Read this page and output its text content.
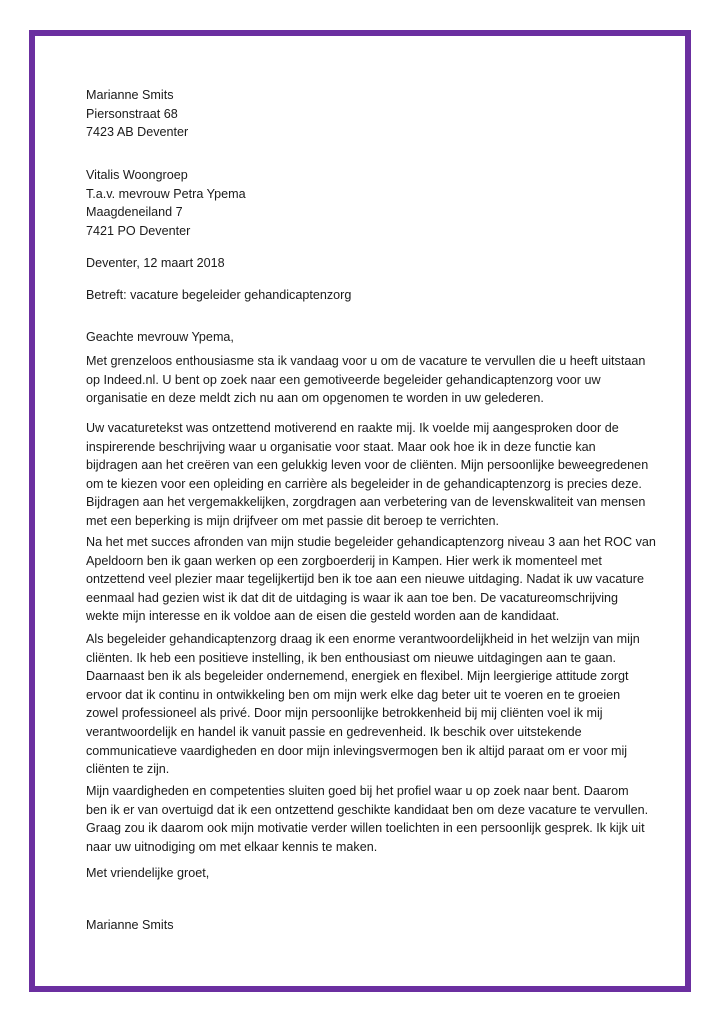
Marianne Smits
Piersonstraat 68
7423 AB Deventer
Vitalis Woongroep
T.a.v. mevrouw Petra Ypema
Maagdeneiland 7
7421 PO Deventer
Deventer, 12 maart 2018
Betreft: vacature begeleider gehandicaptenzorg
Geachte mevrouw Ypema,
Met grenzeloos enthousiasme sta ik vandaag voor u om de vacature te vervullen die u heeft uitstaan
op Indeed.nl. U bent op zoek naar een gemotiveerde begeleider gehandicaptenzorg voor uw
organisatie en deze meldt zich nu aan om opgenomen te worden in uw gelederen.
Uw vacaturetekst was ontzettend motiverend en raakte mij. Ik voelde mij aangesproken door de
inspirerende beschrijving waar u organisatie voor staat. Maar ook hoe ik in deze functie kan
bijdragen aan het creëren van een gelukkig leven voor de cliënten. Mijn persoonlijke beweegredenen
om te kiezen voor een opleiding en carrière als begeleider in de gehandicaptenzorg is precies deze.
Bijdragen aan het vergemakkelijken, zorgdragen aan verbetering van de levenskwaliteit van mensen
met een beperking is mijn drijfveer om met passie dit beroep te verrichten.
Na het met succes afronden van mijn studie begeleider gehandicaptenzorg niveau 3 aan het ROC van
Apeldoorn ben ik gaan werken op een zorgboerderij in Kampen. Hier werk ik momenteel met
ontzettend veel plezier maar tegelijkertijd ben ik toe aan een nieuwe uitdaging. Nadat ik uw vacature
eenmaal had gezien wist ik dat dit de uitdaging is waar ik aan toe ben. De vacatureomschrijving
wekte mijn interesse en ik voldoe aan de eisen die gesteld worden aan de kandidaat.
Als begeleider gehandicaptenzorg draag ik een enorme verantwoordelijkheid in het welzijn van mijn
cliënten. Ik heb een positieve instelling, ik ben enthousiast om nieuwe uitdagingen aan te gaan.
Daarnaast ben ik als begeleider ondernemend, energiek en flexibel. Mijn leergierige attitude zorgt
ervoor dat ik continu in ontwikkeling ben om mijn werk elke dag beter uit te voeren en te groeien
zowel professioneel als privé. Door mijn persoonlijke betrokkenheid bij mij cliënten voel ik mij
verantwoordelijk en handel ik vanuit passie en gedrevenheid. Ik beschik over uitstekende
communicatieve vaardigheden en door mijn inlevingsvermogen ben ik altijd paraat om er voor mij
cliënten te zijn.
Mijn vaardigheden en competenties sluiten goed bij het profiel waar u op zoek naar bent. Daarom
ben ik er van overtuigd dat ik een ontzettend geschikte kandidaat ben om deze vacature te vervullen.
Graag zou ik daarom ook mijn motivatie verder willen toelichten in een persoonlijk gesprek. Ik kijk uit
naar uw uitnodiging om met elkaar kennis te maken.
Met vriendelijke groet,
Marianne Smits
